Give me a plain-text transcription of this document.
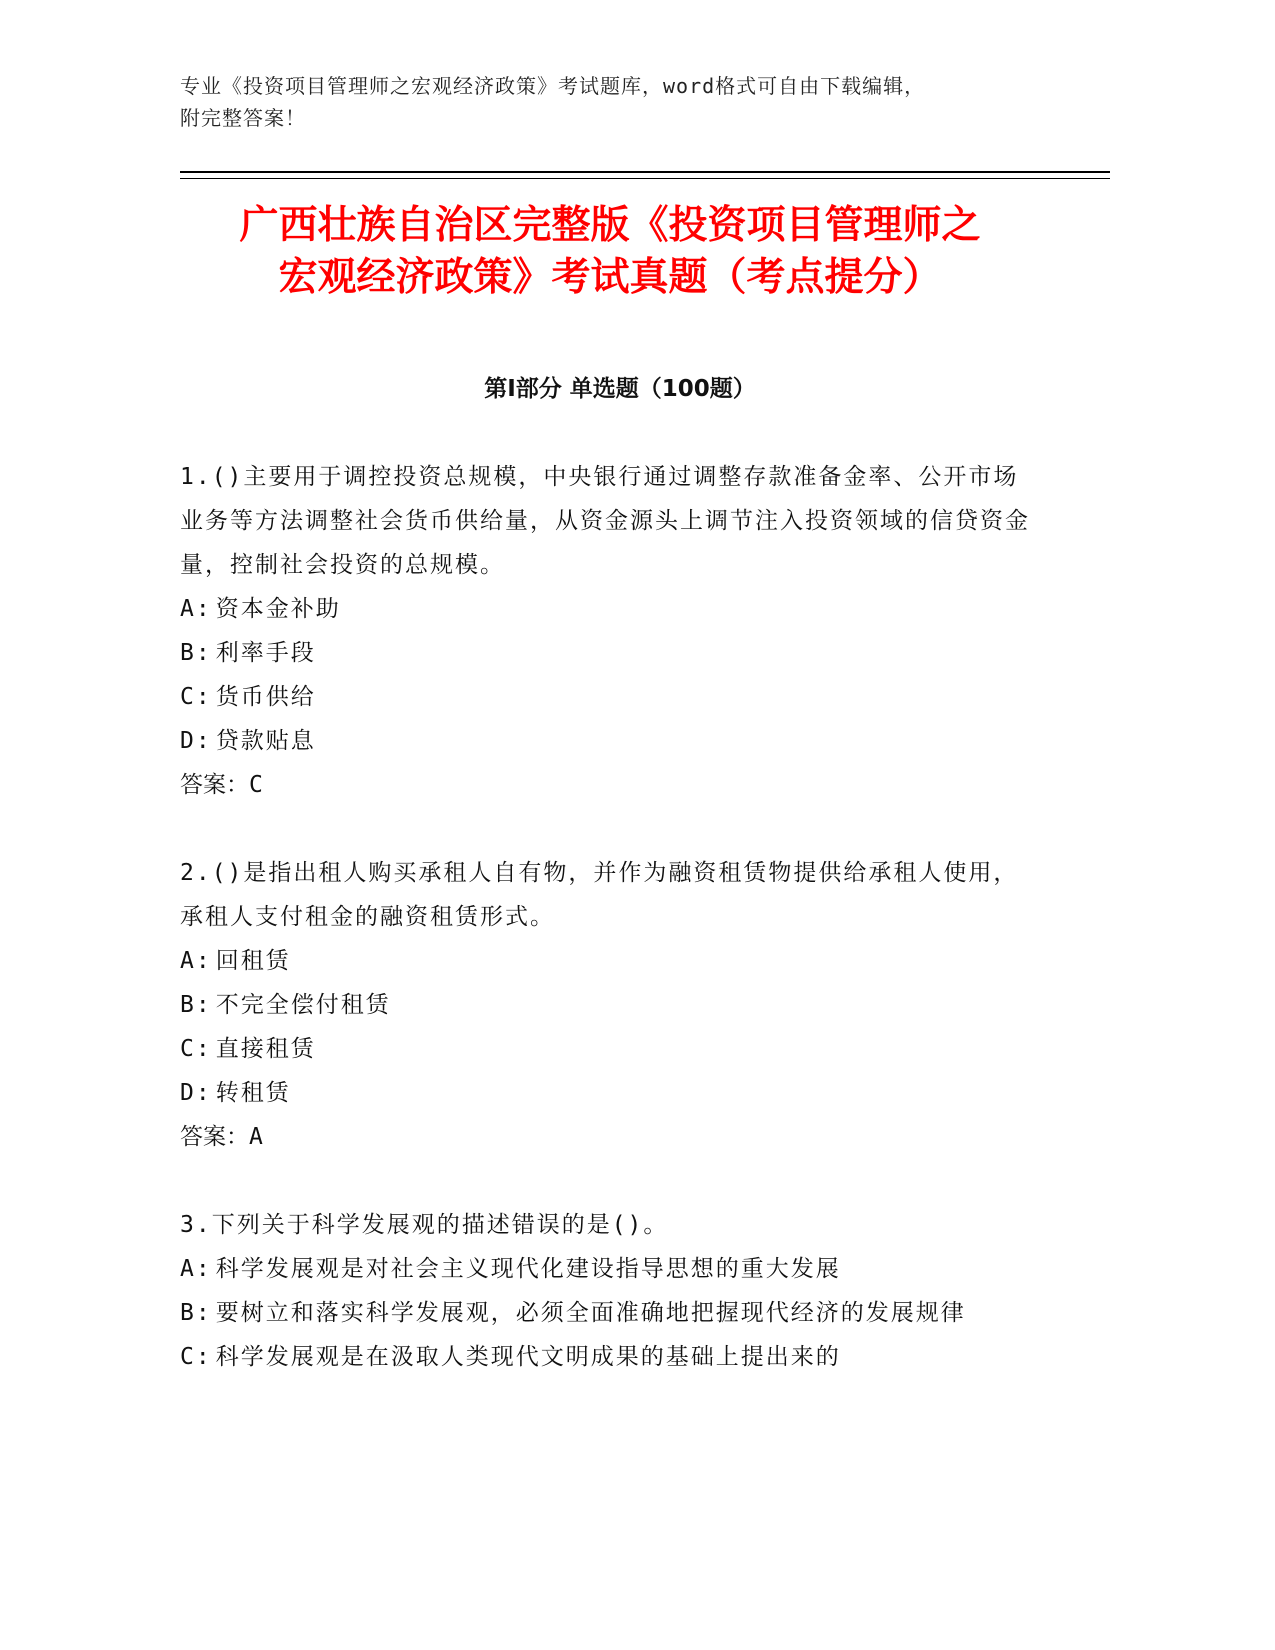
专业《投资项目管理师之宏观经济政策》考试题库，word格式可自由下载编辑，
附完整答案！
广西壮族自治区完整版《投资项目管理师之
宏观经济政策》考试真题（考点提分）
第Ⅰ部分 单选题（100题）

1.()主要用于调控投资总规模，中央银行通过调整存款准备金率、公开市场业务等方法调整社会货币供给量，从资金源头上调节注入投资领域的信贷资金量，控制社会投资的总规模。

A: 资本金补助

B: 利率手段

C: 货币供给

D: 贷款贴息

答案：C

2.()是指出租人购买承租人自有物，并作为融资租赁物提供给承租人使用，承租人支付租金的融资租赁形式。

A: 回租赁

B: 不完全偿付租赁

C: 直接租赁

D: 转租赁

答案：A

3.下列关于科学发展观的描述错误的是()。

A: 科学发展观是对社会主义现代化建设指导思想的重大发展

B: 要树立和落实科学发展观，必须全面准确地把握现代经济的发展规律

C: 科学发展观是在汲取人类现代文明成果的基础上提出来的
